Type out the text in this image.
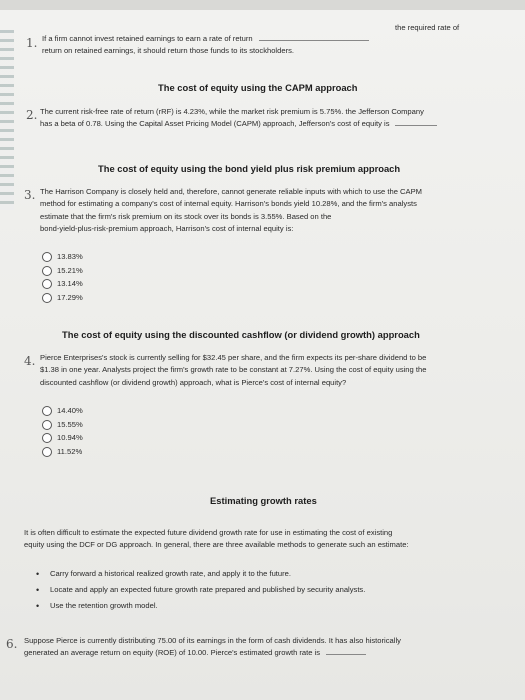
1. If a firm cannot invest retained earnings to earn a rate of return
the required rate of
return on retained earnings, it should return those funds to its stockholders.
The cost of equity using the CAPM approach
2. The current risk-free rate of return (rRF) is 4.23%, while the market risk premium is 5.75%. the Jefferson Company
has a beta of 0.78. Using the Capital Asset Pricing Model (CAPM) approach, Jefferson's cost of equity is
The cost of equity using the bond yield plus risk premium approach
3. The Harrison Company is closely held and, therefore, cannot generate reliable inputs with which to use the CAPM
method for estimating a company's cost of internal equity. Harrison's bonds yield 10.28%, and the firm's analysts
estimate that the firm's risk premium on its stock over its bonds is 3.55%. Based on the
bond-yield-plus-risk-premium approach, Harrison's cost of internal equity is:
13.83%
15.21%
13.14%
17.29%
The cost of equity using the discounted cashflow (or dividend growth) approach
4. Pierce Enterprises's stock is currently selling for $32.45 per share, and the firm expects its per-share dividend to be
$1.38 in one year. Analysts project the firm's growth rate to be constant at 7.27%. Using the cost of equity using the
discounted cashflow (or dividend growth) approach, what is Pierce's cost of internal equity?
14.40%
15.55%
10.94%
11.52%
Estimating growth rates
It is often difficult to estimate the expected future dividend growth rate for use in estimating the cost of existing
equity using the DCF or DG approach. In general, there are three available methods to generate such an estimate:
• Carry forward a historical realized growth rate, and apply it to the future.
• Locate and apply an expected future growth rate prepared and published by security analysts.
• Use the retention growth model.
6. Suppose Pierce is currently distributing 75.00 of its earnings in the form of cash dividends. It has also historically
generated an average return on equity (ROE) of 10.00. Pierce's estimated growth rate is
